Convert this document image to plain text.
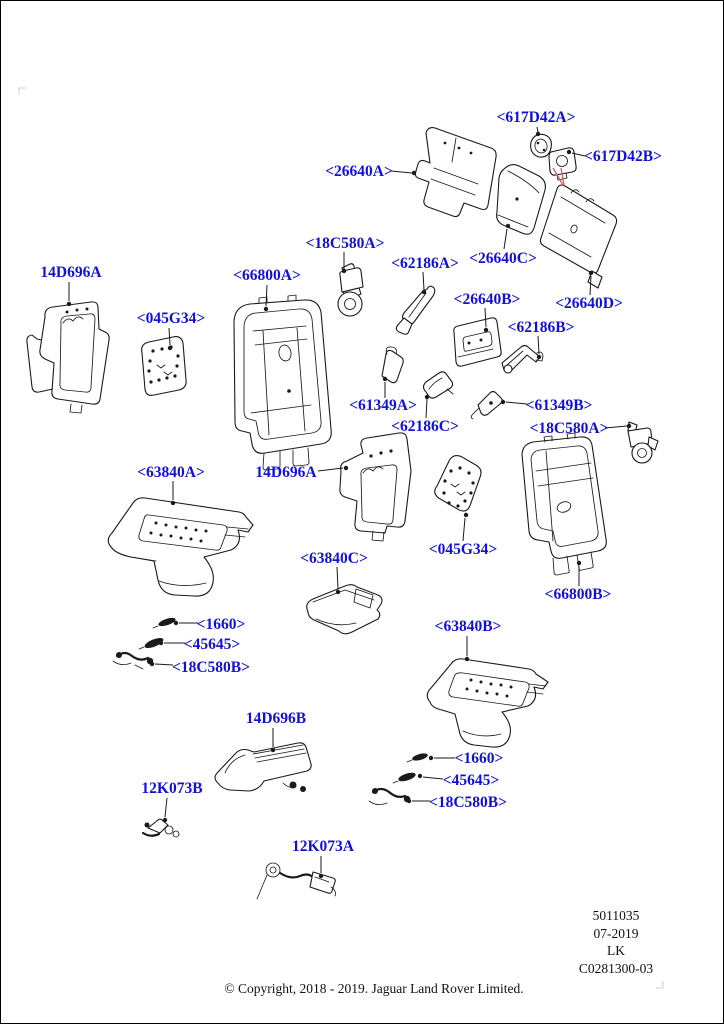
<617D42A>
<617D42B>
<26640A>
<26640C>
<26640D>
<18C580A>
<62186A>
<26640B>
<62186B>
14D696A
<045G34>
<66800A>
<61349A>	<61349B>
<62186C>	<18C580A>
<63840A>	14D696A
<045G34>
<66800B>
<63840C>
<1660>
<45645>
<18C580B>
<63840B>
14D696B
12K073B
<1660>
<45645>
<18C580B>
12K073A
5011035
07-2019
LK
C0281300-03
© Copyright, 2018 - 2019. Jaguar Land Rover Limited.
